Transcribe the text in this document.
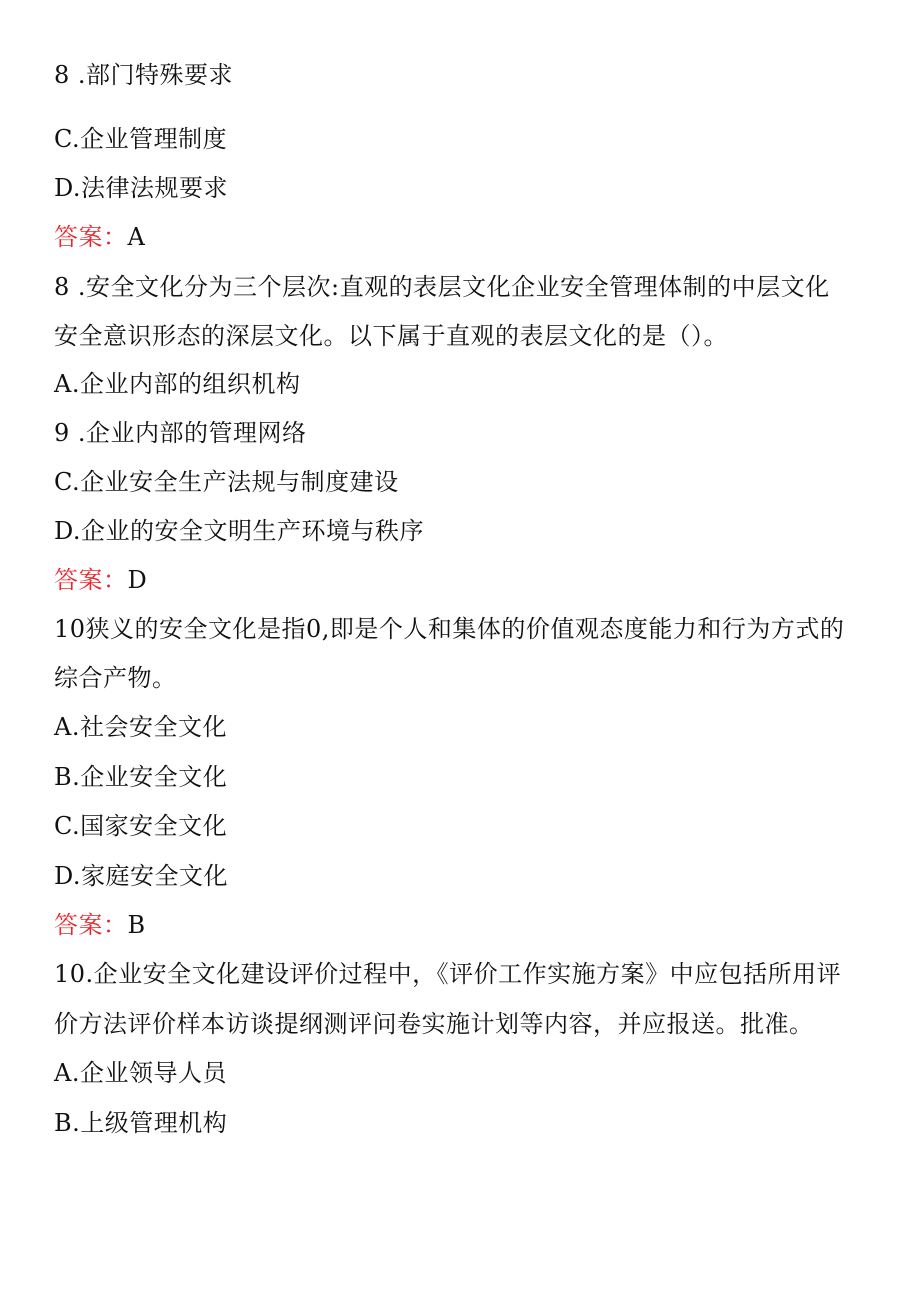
8 .部门特殊要求
C.企业管理制度
D.法律法规要求
答案：A
8 .安全文化分为三个层次:直观的表层文化企业安全管理体制的中层文化
安全意识形态的深层文化。以下属于直观的表层文化的是（）。
A.企业内部的组织机构
9 .企业内部的管理网络
C.企业安全生产法规与制度建设
D.企业的安全文明生产环境与秩序
答案：D
10狭义的安全文化是指0,即是个人和集体的价值观态度能力和行为方式的
综合产物。
A.社会安全文化
B.企业安全文化
C.国家安全文化
D.家庭安全文化
答案：B
10.企业安全文化建设评价过程中，《评价工作实施方案》中应包括所用评
价方法评价样本访谈提纲测评问卷实施计划等内容，并应报送。批准。
A.企业领导人员
B.上级管理机构
